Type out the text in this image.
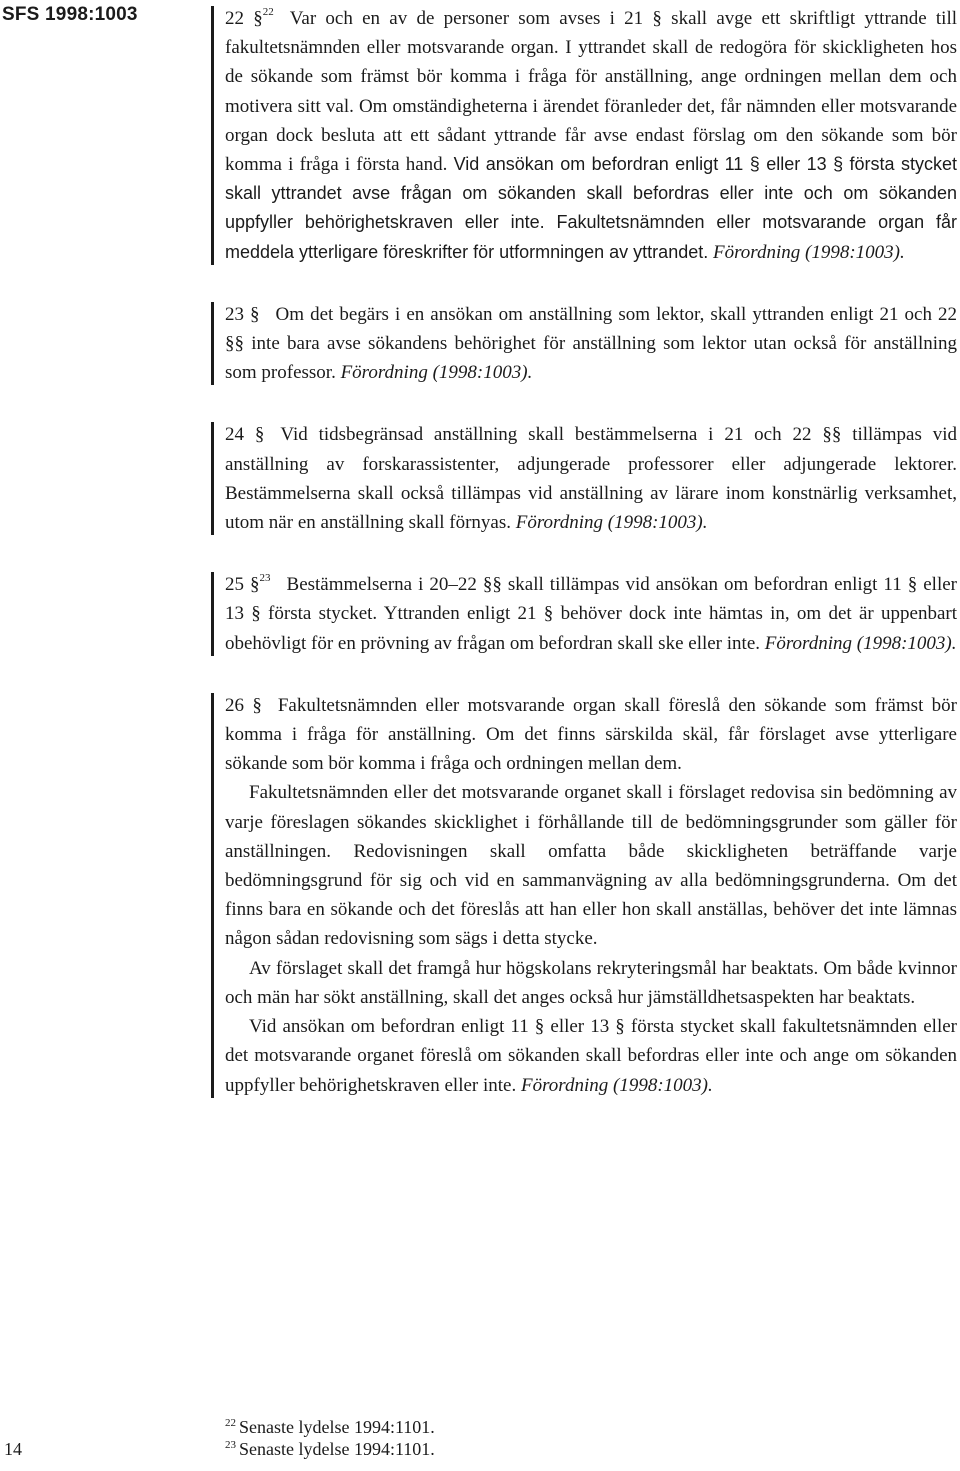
SFS 1998:1003	22 §$^{22}$ Var och en av de personer som avses i 21 § skall avge ett skriftligt yttrande till fakultetsnämnden eller motsvarande organ. I yttrandet skall de redogöra för skickligheten hos de sökande som främst bör komma i fråga för anställning, ange ordningen mellan dem och motivera sitt val. Om omständigheterna i ärendet föranleder det, får nämnden eller motsvarande organ dock besluta att ett sådant yttrande får avse endast förslag om den sökande som bör komma i fråga i första hand. Vid ansökan om befordran enligt 11 § eller 13 § första stycket skall yttrandet avse frågan om sökanden skall befordras eller inte och om sökanden uppfyller behörighetskraven eller inte. Fakultetsnämnden eller motsvarande organ får meddela ytterligare föreskrifter för utformningen av yttrandet. Förordning (1998:1003).

23 § Om det begärs i en ansökan om anställning som lektor, skall yttranden enligt 21 och 22 §§ inte bara avse sökandens behörighet för anställning som lektor utan också för anställning som professor. Förordning (1998:1003).

24 § Vid tidsbegränsad anställning skall bestämmelserna i 21 och 22 §§ tillämpas vid anställning av forskarassistenter, adjungerade professorer eller adjungerade lektorer. Bestämmelserna skall också tillämpas vid anställning av lärare inom konstnärlig verksamhet, utom när en anställning skall förnyas. Förordning (1998:1003).

25 §$^{23}$ Bestämmelserna i 20–22 §§ skall tillämpas vid ansökan om befordran enligt 11 § eller 13 § första stycket. Yttranden enligt 21 § behöver dock inte hämtas in, om det är uppenbart obehövligt för en prövning av frågan om befordran skall ske eller inte. Förordning (1998:1003).

26 § Fakultetsnämnden eller motsvarande organ skall föreslå den sökande som främst bör komma i fråga för anställning. Om det finns särskilda skäl, får förslaget avse ytterligare sökande som bör komma i fråga och ordningen mellan dem.

Fakultetsnämnden eller det motsvarande organet skall i förslaget redovisa sin bedömning av varje föreslagen sökandes skicklighet i förhållande till de bedömningsgrunder som gäller för anställningen. Redovisningen skall omfatta både skickligheten beträffande varje bedömningsgrund för sig och vid en sammanvägning av alla bedömningsgrunderna. Om det finns bara en sökande och det föreslås att han eller hon skall anställas, behöver det inte lämnas någon sådan redovisning som sägs i detta stycke.

Av förslaget skall det framgå hur högskolans rekryteringsmål har beaktats. Om både kvinnor och män har sökt anställning, skall det anges också hur jämställdhetsaspekten har beaktats.

Vid ansökan om befordran enligt 11 § eller 13 § första stycket skall fakultetsnämnden eller det motsvarande organet föreslå om sökanden skall befordras eller inte och ange om sökanden uppfyller behörighetskraven eller inte. Förordning (1998:1003).

14
$^{22}$ Senaste lydelse 1994:1101.
$^{23}$ Senaste lydelse 1994:1101.
